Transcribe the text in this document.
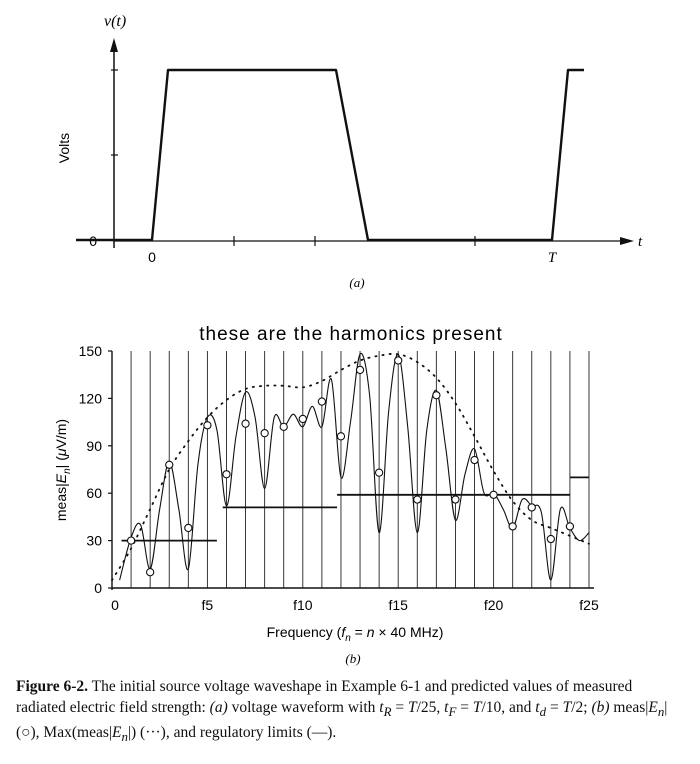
v(t)
t
Volts
0
0	T
(a)
these are the harmonics present
0
30
60
90
120
150
0	f5	f10	f15	f20	f25
$meas|E_n|$ (μV/m)
Frequency ($f_n = n \times 40$ MHz)
(b)
Figure 6-2. The initial source voltage waveshape in Example 6-1 and predicted values of measured radiated electric field strength: (a) voltage waveform with $t_R = T/25$, $t_F = T/10$, and $t_d = T/2$; (b) $meas|E_n|$ (○), $Max(meas|E_n|)$ (···), and regulatory limits (—).
